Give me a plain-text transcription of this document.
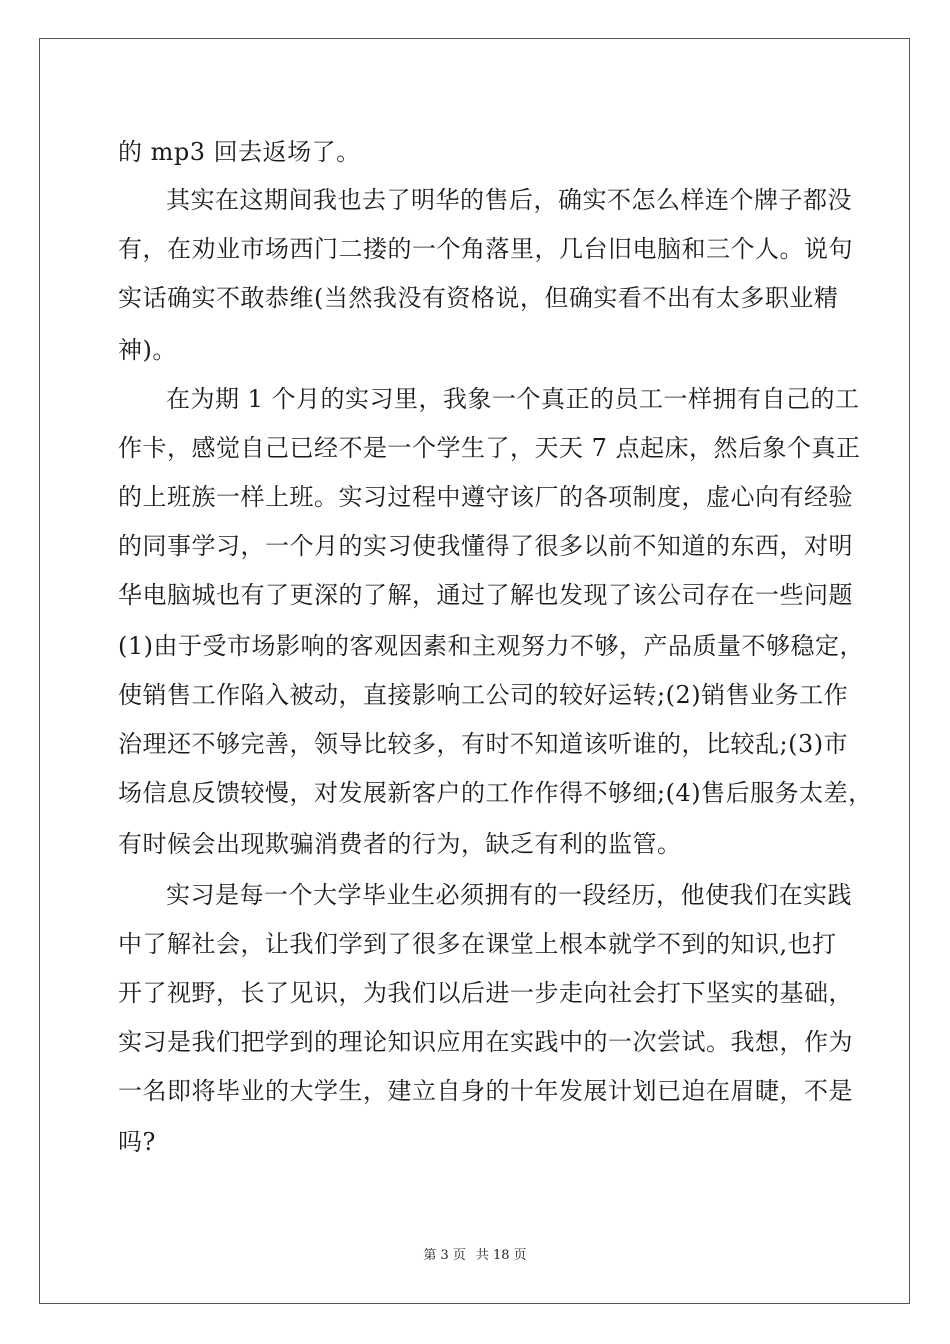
的 mp3 回去返场了。
其实在这期间我也去了明华的售后，确实不怎么样连个牌子都没
有，在劝业市场西门二搂的一个角落里，几台旧电脑和三个人。说句
实话确实不敢恭维(当然我没有资格说，但确实看不出有太多职业精
神)。
在为期 1 个月的实习里，我象一个真正的员工一样拥有自己的工
作卡，感觉自己已经不是一个学生了，天天 7 点起床，然后象个真正
的上班族一样上班。实习过程中遵守该厂的各项制度，虚心向有经验
的同事学习，一个月的实习使我懂得了很多以前不知道的东西，对明
华电脑城也有了更深的了解，通过了解也发现了该公司存在一些问题
(1)由于受市场影响的客观因素和主观努力不够，产品质量不够稳定，
使销售工作陷入被动，直接影响工公司的较好运转;(2)销售业务工作
治理还不够完善，领导比较多，有时不知道该听谁的，比较乱;(3)市
场信息反馈较慢，对发展新客户的工作作得不够细;(4)售后服务太差，
有时候会出现欺骗消费者的行为，缺乏有利的监管。
实习是每一个大学毕业生必须拥有的一段经历，他使我们在实践
中了解社会，让我们学到了很多在课堂上根本就学不到的知识,也打
开了视野，长了见识，为我们以后进一步走向社会打下坚实的基础，
实习是我们把学到的理论知识应用在实践中的一次尝试。我想，作为
一名即将毕业的大学生，建立自身的十年发展计划已迫在眉睫，不是
吗?
第 3 页 共 18 页
